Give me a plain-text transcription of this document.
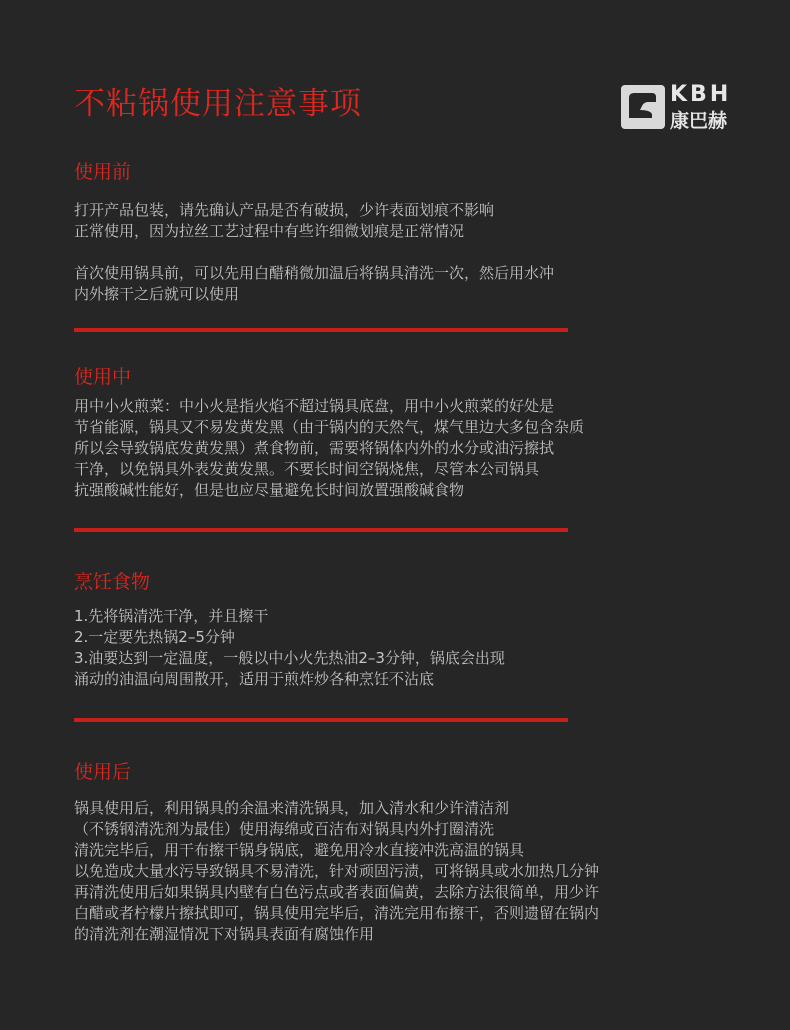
不粘锅使用注意事项	KBH
康巴赫
使用前
打开产品包装，请先确认产品是否有破损，少许表面划痕不影响
正常使用，因为拉丝工艺过程中有些许细微划痕是正常情况
首次使用锅具前，可以先用白醋稍微加温后将锅具清洗一次，然后用水冲
内外擦干之后就可以使用
使用中
用中小火煎菜：中小火是指火焰不超过锅具底盘，用中小火煎菜的好处是
节省能源，锅具又不易发黄发黑（由于锅内的天然气，煤气里边大多包含杂质
所以会导致锅底发黄发黑）煮食物前，需要将锅体内外的水分或油污擦拭
干净，以免锅具外表发黄发黑。不要长时间空锅烧焦，尽管本公司锅具
抗强酸碱性能好，但是也应尽量避免长时间放置强酸碱食物
烹饪食物
1.先将锅清洗干净，并且擦干
2.一定要先热锅2–5分钟
3.油要达到一定温度，一般以中小火先热油2–3分钟，锅底会出现
涌动的油温向周围散开，适用于煎炸炒各种烹饪不沾底
使用后
锅具使用后，利用锅具的余温来清洗锅具，加入清水和少许清洁剂
（不锈钢清洗剂为最佳）使用海绵或百洁布对锅具内外打圈清洗
清洗完毕后，用干布擦干锅身锅底，避免用冷水直接冲洗高温的锅具
以免造成大量水污导致锅具不易清洗，针对顽固污渍，可将锅具或水加热几分钟
再清洗使用后如果锅具内壁有白色污点或者表面偏黄，去除方法很简单，用少许
白醋或者柠檬片擦拭即可，锅具使用完毕后，清洗完用布擦干，否则遗留在锅内
的清洗剂在潮湿情况下对锅具表面有腐蚀作用
